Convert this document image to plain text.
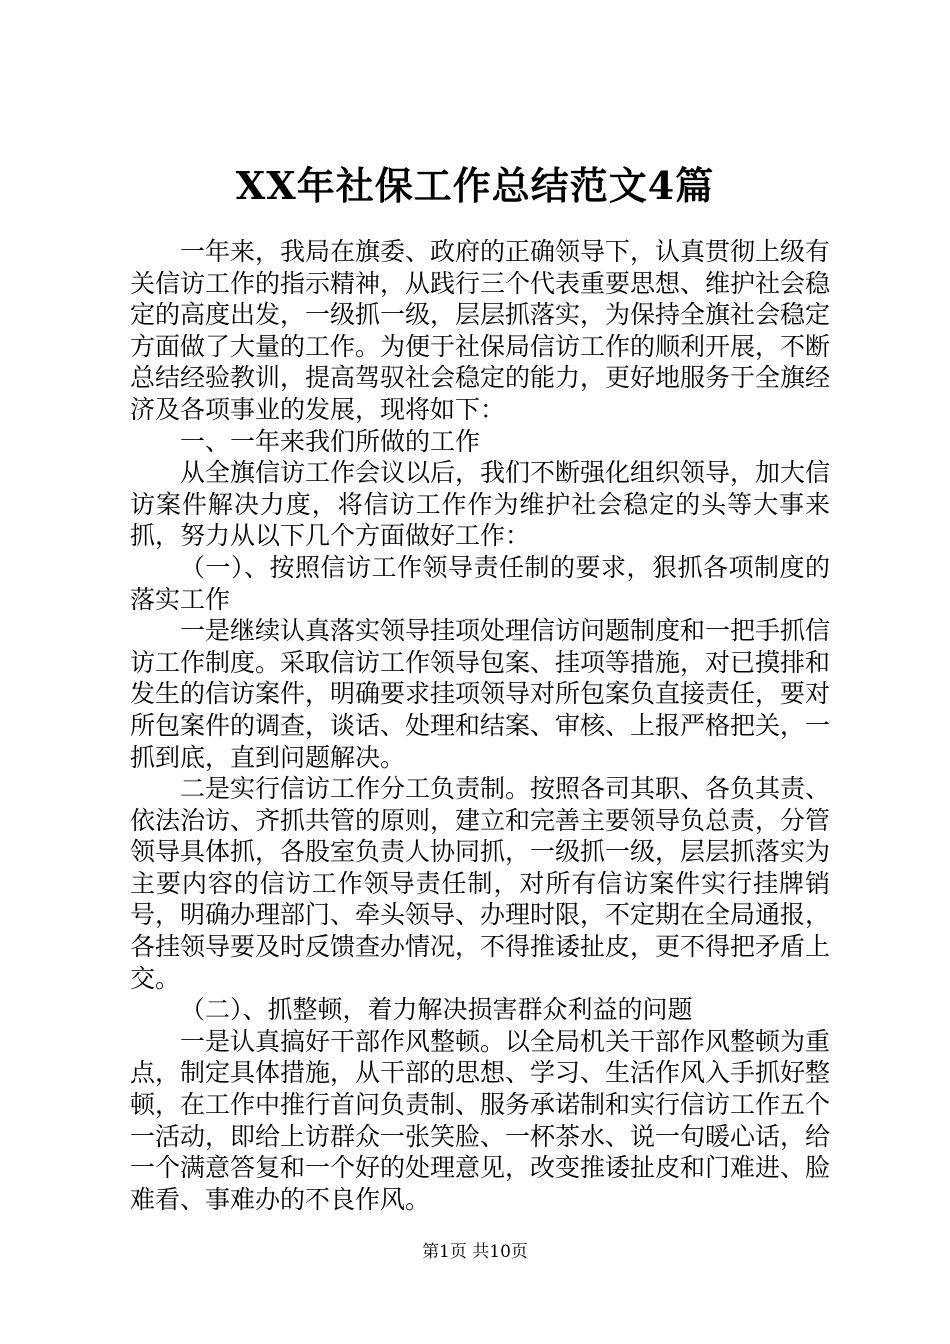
XX年社保工作总结范文4篇

一年来，我局在旗委、政府的正确领导下，认真贯彻上级有关信访工作的指示精神，从践行三个代表重要思想、维护社会稳定的高度出发，一级抓一级，层层抓落实，为保持全旗社会稳定方面做了大量的工作。为便于社保局信访工作的顺利开展，不断总结经验教训，提高驾驭社会稳定的能力，更好地服务于全旗经济及各项事业的发展，现将如下：

一、一年来我们所做的工作

从全旗信访工作会议以后，我们不断强化组织领导，加大信访案件解决力度，将信访工作作为维护社会稳定的头等大事来抓，努力从以下几个方面做好工作：

（一）、按照信访工作领导责任制的要求，狠抓各项制度的落实工作

一是继续认真落实领导挂项处理信访问题制度和一把手抓信访工作制度。采取信访工作领导包案、挂项等措施，对已摸排和发生的信访案件，明确要求挂项领导对所包案负直接责任，要对所包案件的调查，谈话、处理和结案、审核、上报严格把关，一抓到底，直到问题解决。

二是实行信访工作分工负责制。按照各司其职、各负其责、依法治访、齐抓共管的原则，建立和完善主要领导负总责，分管领导具体抓，各股室负责人协同抓，一级抓一级，层层抓落实为主要内容的信访工作领导责任制，对所有信访案件实行挂牌销号，明确办理部门、牵头领导、办理时限，不定期在全局通报，各挂领导要及时反馈查办情况，不得推诿扯皮，更不得把矛盾上交。

（二）、抓整顿，着力解决损害群众利益的问题

一是认真搞好干部作风整顿。以全局机关干部作风整顿为重点，制定具体措施，从干部的思想、学习、生活作风入手抓好整顿，在工作中推行首问负责制、服务承诺制和实行信访工作五个一活动，即给上访群众一张笑脸、一杯茶水、说一句暖心话，给一个满意答复和一个好的处理意见，改变推诿扯皮和门难进、脸难看、事难办的不良作风。

第1页 共10页
